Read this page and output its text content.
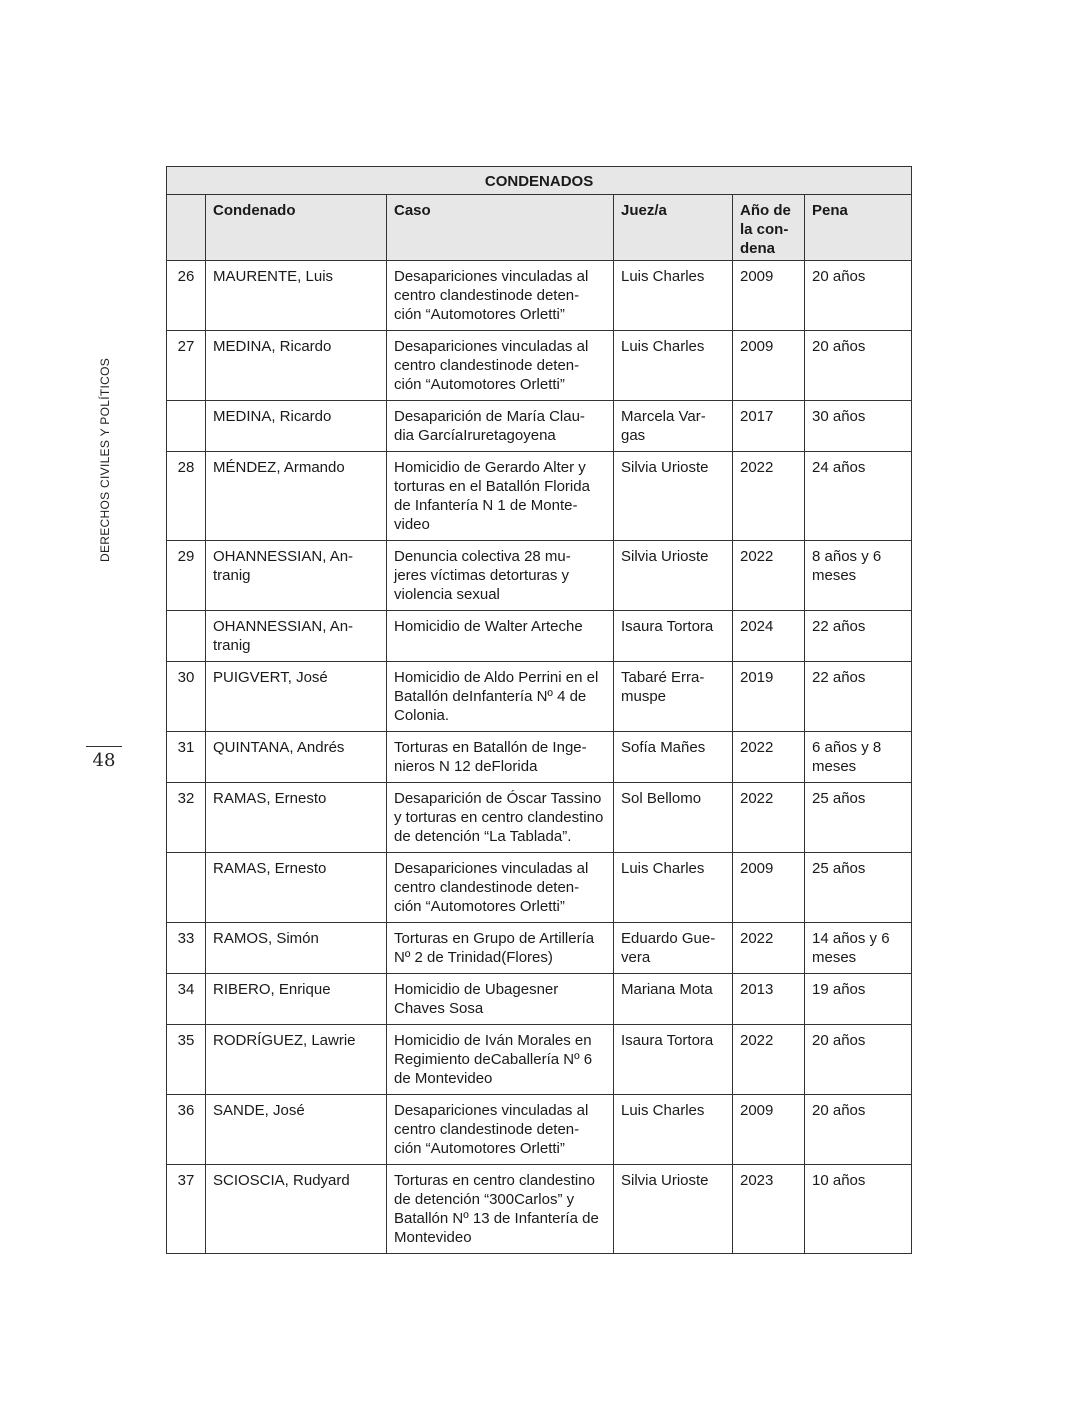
DERECHOS CIVILES Y POLÍTICOS
48
CONDENADOS					
	Condenado	Caso	Juez/a	Año de la con- dena	Pena
26	MAURENTE, Luis	Desapariciones vinculadas al centro clandestinode deten- ción “Automotores Orletti”	Luis Charles	2009	20 años
27	MEDINA, Ricardo	Desapariciones vinculadas al centro clandestinode deten- ción “Automotores Orletti”	Luis Charles	2009	20 años
	MEDINA, Ricardo	Desaparición de María Clau- dia GarcíaIruretagoyena	Marcela Var- gas	2017	30 años
28	MÉNDEZ, Armando	Homicidio de Gerardo Alter y torturas en el Batallón Florida de Infantería N 1 de Monte- video	Silvia Urioste	2022	24 años
29	OHANNESSIAN, An- tranig	Denuncia colectiva 28 mu- jeres víctimas detorturas y violencia sexual	Silvia Urioste	2022	8 años y 6 meses
	OHANNESSIAN, An- tranig	Homicidio de Walter Arteche	Isaura Tortora	2024	22 años
30	PUIGVERT, José	Homicidio de Aldo Perrini en el Batallón deInfantería Nº 4 de Colonia.	Tabaré Erra- muspe	2019	22 años
31	QUINTANA, Andrés	Torturas en Batallón de Inge- nieros N 12 deFlorida	Sofía Mañes	2022	6 años y 8 meses
32	RAMAS, Ernesto	Desaparición de Óscar Tassino y torturas en centro clandestino de detención “La Tablada”.	Sol Bellomo	2022	25 años
	RAMAS, Ernesto	Desapariciones vinculadas al centro clandestinode deten- ción “Automotores Orletti”	Luis Charles	2009	25 años
33	RAMOS, Simón	Torturas en Grupo de Artillería Nº 2 de Trinidad(Flores)	Eduardo Gue- vera	2022	14 años y 6 meses
34	RIBERO, Enrique	Homicidio de Ubagesner Chaves Sosa	Mariana Mota	2013	19 años
35	RODRÍGUEZ, Lawrie	Homicidio de Iván Morales en Regimiento deCaballería Nº 6 de Montevideo	Isaura Tortora	2022	20 años
36	SANDE, José	Desapariciones vinculadas al centro clandestinode deten- ción “Automotores Orletti”	Luis Charles	2009	20 años
37	SCIOSCIA, Rudyard	Torturas en centro clandestino de detención “300Carlos” y Batallón Nº 13 de Infantería de Montevideo	Silvia Urioste	2023	10 años
